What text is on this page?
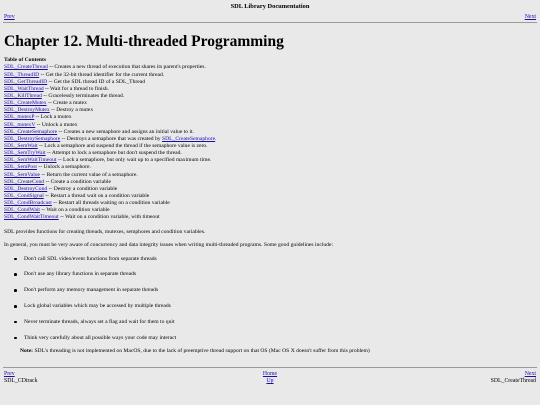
SDL Library Documentation
Prev	Next
Chapter 12. Multi-threaded Programming
Table of Contents
SDL_CreateThread -- Creates a new thread of execution that shares its parent's properties.
SDL_ThreadID -- Get the 32-bit thread identifier for the current thread.
SDL_GetThreadID -- Get the SDL thread ID of a SDL_Thread
SDL_WaitThread -- Wait for a thread to finish.
SDL_KillThread -- Gracelessly terminates the thread.
SDL_CreateMutex -- Create a mutex
SDL_DestroyMutex -- Destroy a mutex
SDL_mutexP -- Lock a mutex
SDL_mutexV -- Unlock a mutex
SDL_CreateSemaphore -- Creates a new semaphore and assigns an initial value to it.
SDL_DestroySemaphore -- Destroys a semaphore that was created by SDL_CreateSemaphore.
SDL_SemWait -- Lock a semaphore and suspend the thread if the semaphore value is zero.
SDL_SemTryWait -- Attempt to lock a semaphore but don't suspend the thread.
SDL_SemWaitTimeout -- Lock a semaphore, but only wait up to a specified maximum time.
SDL_SemPost -- Unlock a semaphore.
SDL_SemValue -- Return the current value of a semaphore.
SDL_CreateCond -- Create a condition variable
SDL_DestroyCond -- Destroy a condition variable
SDL_CondSignal -- Restart a thread wait on a condition variable
SDL_CondBroadcast -- Restart all threads waiting on a condition variable
SDL_CondWait -- Wait on a condition variable
SDL_CondWaitTimeout -- Wait on a condition variable, with timeout

SDL provides functions for creating threads, mutexes, semphores and condition variables.

In general, you must be very aware of concurrency and data integrity issues when writing multi-threaded programs. Some good guidelines include:

Don't call SDL video/event functions from separate threads
Don't use any library functions in separate threads
Don't perform any memory management in separate threads
Lock global variables which may be accessed by multiple threads
Never terminate threads, always set a flag and wait for them to quit
Think very carefully about all possible ways your code may interact

Note: SDL's threading is not implemented on MacOS, due to the lack of preemptive thread support on that OS (Mac OS X doesn't suffer from this problem)

Prev	Home	Next
SDL_CDtrack	Up	SDL_CreateThread
